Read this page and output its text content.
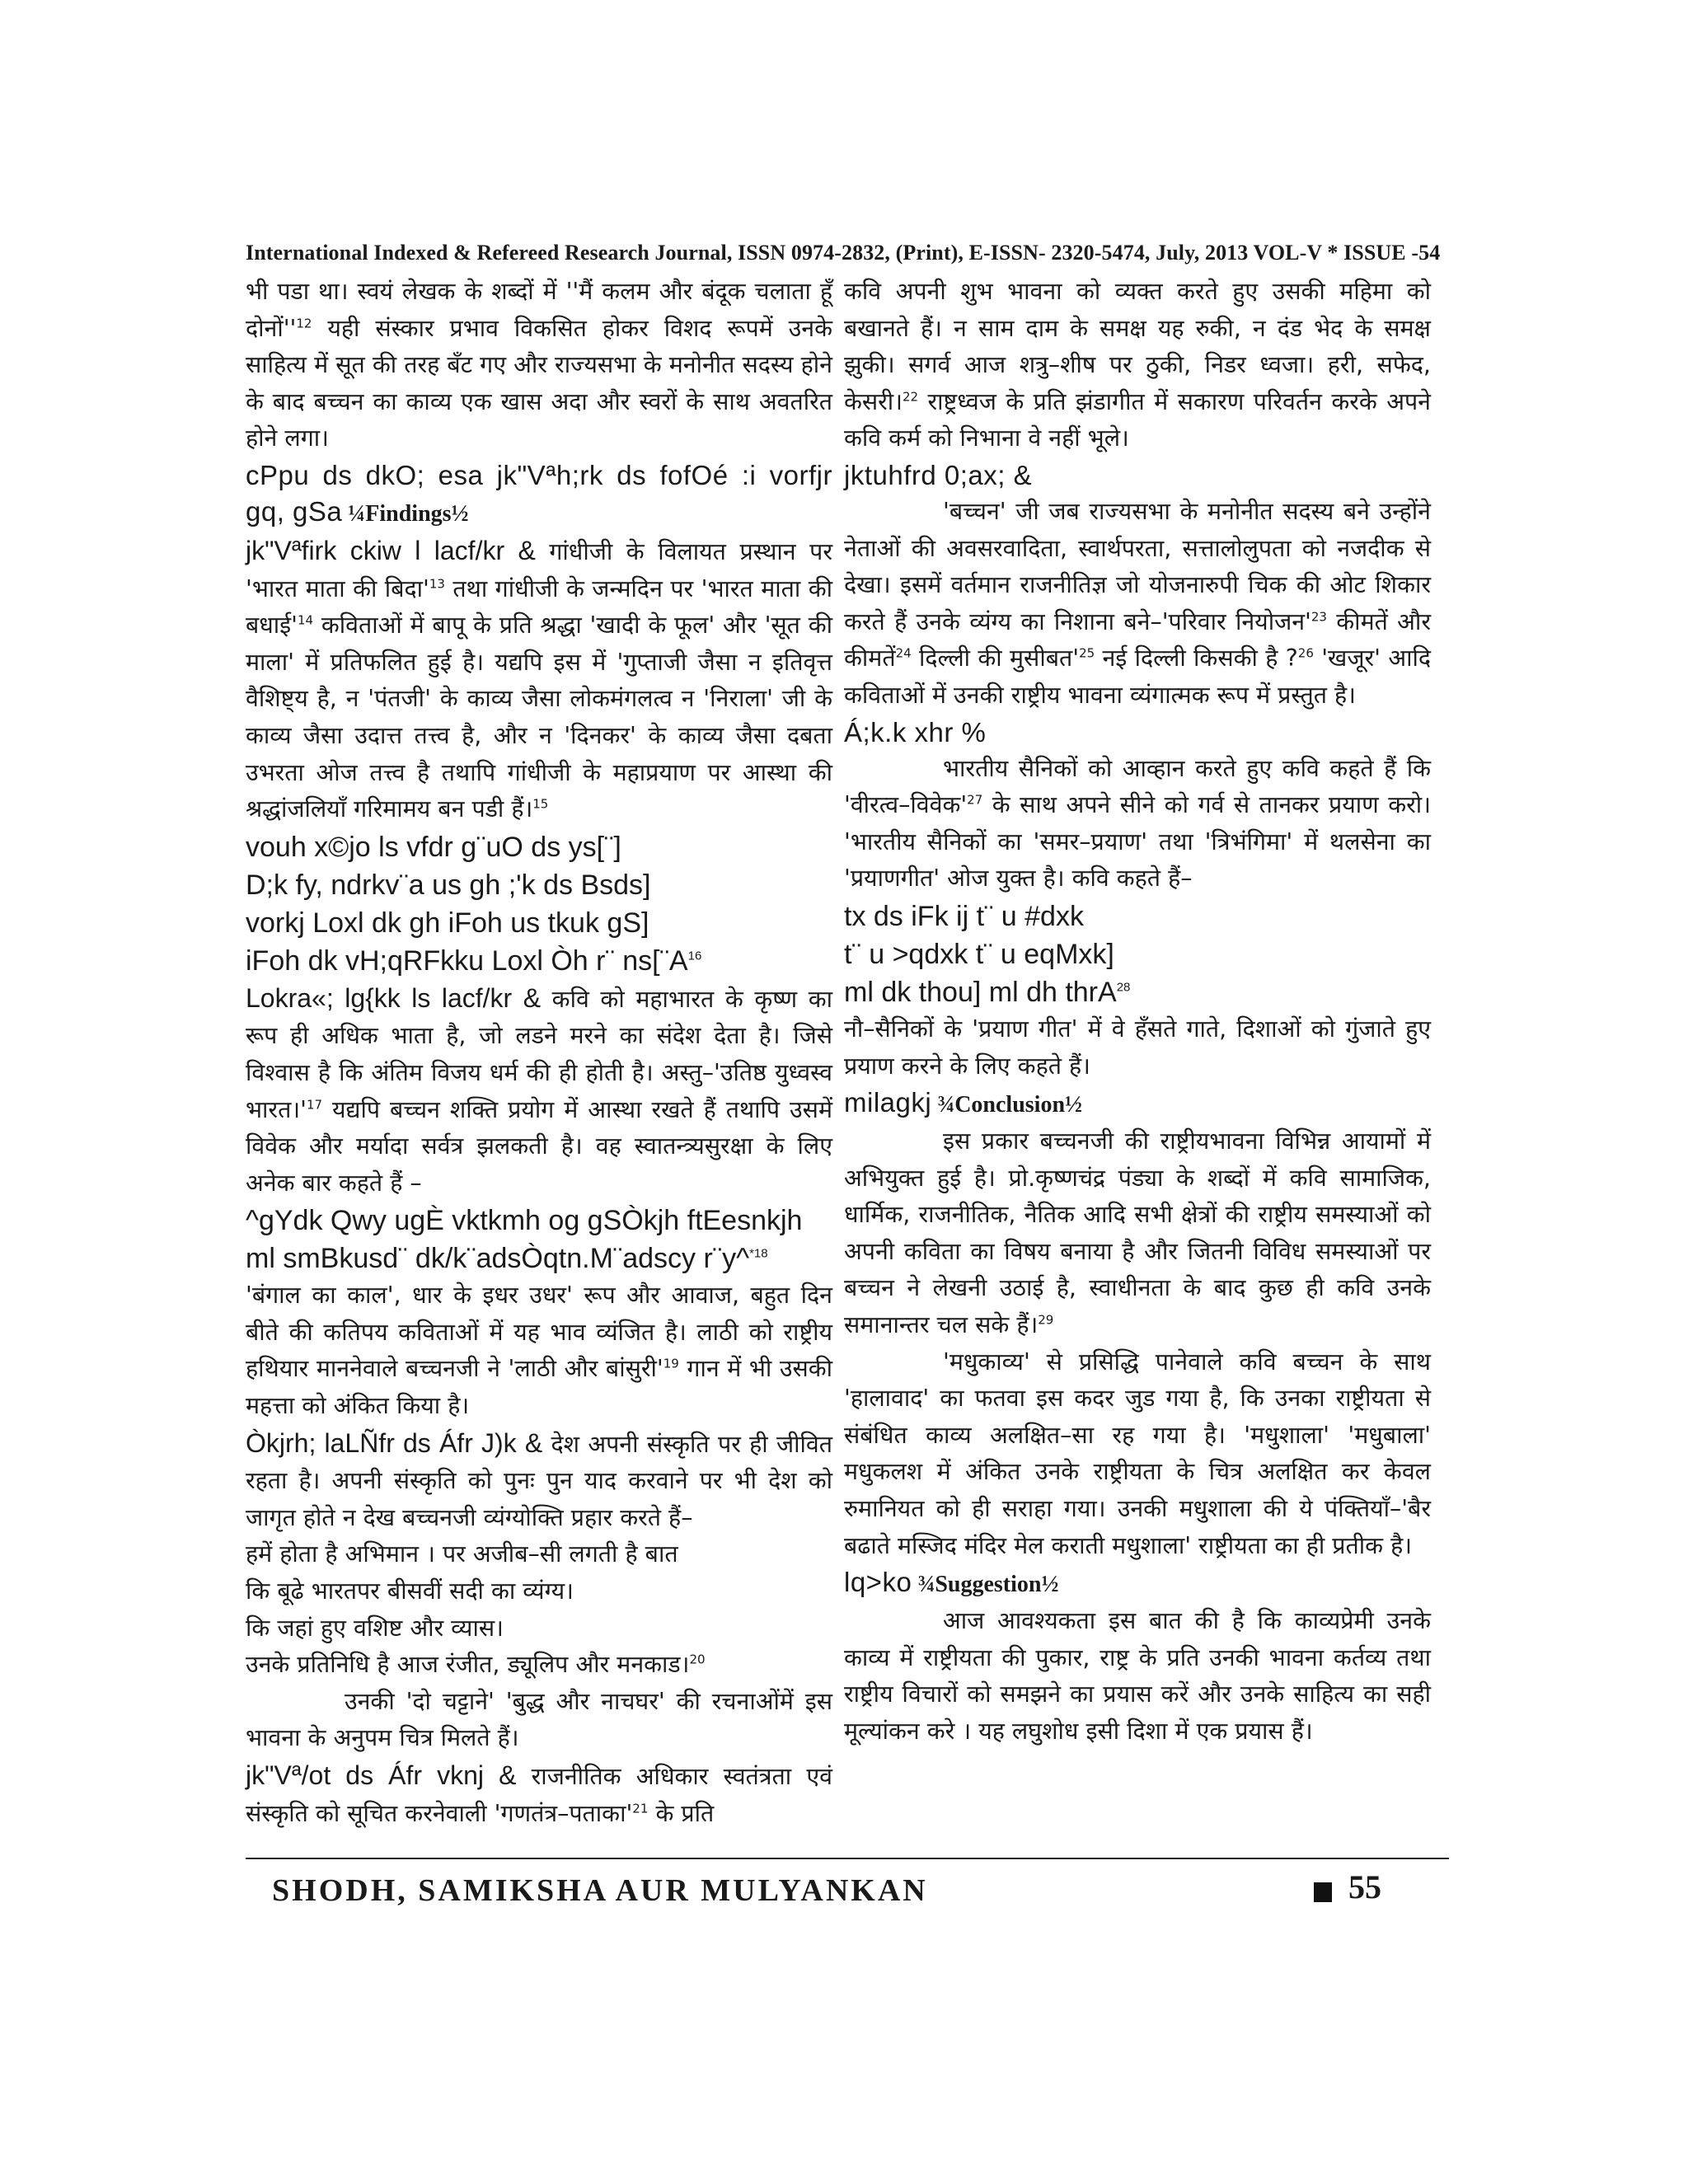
International Indexed & Refereed Research Journal, ISSN 0974-2832, (Print), E-ISSN- 2320-5474, July, 2013 VOL-V * ISSUE -54

भी पडा था। स्वयं लेखक के शब्दों में ''मैं कलम और बंदूक चलाता हूँ $दोनों''^{12}$ यही संस्कार प्रभाव विकसित होकर विशद रूपमें उनके साहित्य में सूत की तरह बँट गए और राज्यसभा के मनोनीत सदस्य होने के बाद बच्चन का काव्य एक खास अदा और स्वरों के साथ अवतरित होने लगा।

cPpu ds dkO; esa jk"Vªh;rk ds fofOé :i vorfjr gq, gSa ¼Findings½

jk"Vªfirk ckiw l lacf/kr & गांधीजी के विलायत प्रस्थान पर 'भारत माता की $बिदा'^{13}$ तथा गांधीजी के जन्मदिन पर 'भारत माता की $बधाई'^{14}$ कविताओं में बापू के प्रति श्रद्धा 'खादी के फूल' और 'सूत की माला' में प्रतिफलित हुई है। यद्यपि इस में 'गुप्ताजी जैसा न इतिवृत्त वैशिष्ट्य है, न 'पंतजी' के काव्य जैसा लोकमंगलत्व न 'निराला' जी के काव्य जैसा उदात्त तत्त्व है, और न 'दिनकर' के काव्य जैसा दबता उभरता ओज तत्त्व है तथापि गांधीजी के महाप्रयाण पर आस्था की श्रद्धांजलियाँ गरिमामय बन पडी हैं।$^{15}$

vouh x©jo ls vfdr g¨uO ds ys[¨]

D;k fy, ndrkv¨a us gh ;'k ds Bsds]

vorkj Loxl dk gh iFoh us tkuk gS]

iFoh dk vH;qRFkku Loxl Òh r¨ $ns[¨A^{16}$

Lokra«; lg{kk ls lacf/kr & कवि को महाभारत के कृष्ण का रूप ही अधिक भाता है, जो लडने मरने का संदेश देता है। जिसे विश्वास है कि अंतिम विजय धर्म की ही होती है। अस्तु–'उतिष्ठ युध्वस्व $भारत।'^{17}$ यद्यपि बच्चन शक्ति प्रयोग में आस्था रखते हैं तथापि उसमें विवेक और मर्यादा सर्वत्र झलकती है। वह स्वातन्त्र्यसुरक्षा के लिए अनेक बार कहते हैं –

^gYdk Qwy ugÈ vktkmh og gSÒkjh ftEesnkjh

ml smBkusd¨ dk/k¨adsÒqtn.M¨adscy r¨y^$^{*18}$

'बंगाल का काल', धार के इधर उधर' रूप और आवाज, बहुत दिन बीते की कतिपय कविताओं में यह भाव व्यंजित है। लाठी को राष्ट्रीय हथियार माननेवाले बच्चनजी ने 'लाठी और $बांसुरी'^{19}$ गान में भी उसकी महत्ता को अंकित किया है।

Òkjrh; laLÑfr ds Áfr J)k & देश अपनी संस्कृति पर ही जीवित रहता है। अपनी संस्कृति को पुनः पुन याद करवाने पर भी देश को जागृत होते न देख बच्चनजी व्यंग्योक्ति प्रहार करते हैं–

हमें होता है अभिमान । पर अजीब–सी लगती है बात

कि बूढे भारतपर बीसवीं सदी का व्यंग्य।

कि जहां हुए वशिष्ट और व्यास।

उनके प्रतिनिधि है आज रंजीत, ड्यूलिप और मनकाड।$^{20}$

उनकी 'दो चट्टाने' 'बुद्ध और नाचघर' की रचनाओंमें इस भावना के अनुपम चित्र मिलते हैं।

jk"Vª/ot ds Áfr vknj & राजनीतिक अधिकार स्वतंत्रता एवं संस्कृति को सूचित करनेवाली '$गणतंत्र-पताका'^{21}$ के प्रति

कवि अपनी शुभ भावना को व्यक्त करते हुए उसकी महिमा को बखानते हैं। न साम दाम के समक्ष यह रुकी, न दंड भेद के समक्ष झुकी। सगर्व आज शत्रु–शीष पर ठुकी, निडर ध्वजा। हरी, सफेद, केसरी।$^{22}$ राष्ट्रध्वज के प्रति झंडागीत में सकारण परिवर्तन करके अपने कवि कर्म को निभाना वे नहीं भूले।

jktuhfrd 0;ax; &

'बच्चन' जी जब राज्यसभा के मनोनीत सदस्य बने उन्होंने नेताओं की अवसरवादिता, स्वार्थपरता, सत्तालोलुपता को नजदीक से देखा। इसमें वर्तमान राजनीतिज्ञ जो योजनारुपी चिक की ओट शिकार करते हैं उनके व्यंग्य का निशाना बने–'परिवार $नियोजन'^{23}$ कीमतें और कीमतें$^{24}$ दिल्ली की $मुसीबत'^{25}$ नई दिल्ली किसकी है ?$^{26}$ 'खजूर' आदि कविताओं में उनकी राष्ट्रीय भावना व्यंगात्मक रूप में प्रस्तुत है।

Á;k.k xhr %

भारतीय सैनिकों को आव्हान करते हुए कवि कहते हैं कि '$वीरत्व-विवेक'^{27}$ के साथ अपने सीने को गर्व से तानकर प्रयाण करो। 'भारतीय सैनिकों का 'समर–प्रयाण' तथा 'त्रिभंगिमा' में थलसेना का 'प्रयाणगीत' ओज युक्त है। कवि कहते हैं–

tx ds iFk ij t¨ u #dxk

t¨ u >qdxk t¨ u eqMxk]

ml dk thou] ml dh thrA$^{28}$

नौ–सैनिकों के 'प्रयाण गीत' में वे हँसते गाते, दिशाओं को गुंजाते हुए प्रयाण करने के लिए कहते हैं।

milagkj ¾Conclusion½

इस प्रकार बच्चनजी की राष्ट्रीयभावना विभिन्न आयामों में अभियुक्त हुई है। प्रो.कृष्णचंद्र पंड्या के शब्दों में कवि सामाजिक, धार्मिक, राजनीतिक, नैतिक आदि सभी क्षेत्रों की राष्ट्रीय समस्याओं को अपनी कविता का विषय बनाया है और जितनी विविध समस्याओं पर बच्चन ने लेखनी उठाई है, स्वाधीनता के बाद कुछ ही कवि उनके समानान्तर चल सके हैं।$^{29}$

'मधुकाव्य' से प्रसिद्धि पानेवाले कवि बच्चन के साथ 'हालावाद' का फतवा इस कदर जुड गया है, कि उनका राष्ट्रीयता से संबंधित काव्य अलक्षित–सा रह गया है। 'मधुशाला' 'मधुबाला' मधुकलश में अंकित उनके राष्ट्रीयता के चित्र अलक्षित कर केवल रुमानियत को ही सराहा गया। उनकी मधुशाला की ये पंक्तियाँ–'बैर बढाते मस्जिद मंदिर मेल कराती मधुशाला' राष्ट्रीयता का ही प्रतीक है।

lq>ko ¾Suggestion½

आज आवश्यकता इस बात की है कि काव्यप्रेमी उनके काव्य में राष्ट्रीयता की पुकार, राष्ट्र के प्रति उनकी भावना कर्तव्य तथा राष्ट्रीय विचारों को समझने का प्रयास करें और उनके साहित्य का सही मूल्यांकन करे । यह लघुशोध इसी दिशा में एक प्रयास हैं।

SHODH, SAMIKSHA AUR MULYANKAN	55
